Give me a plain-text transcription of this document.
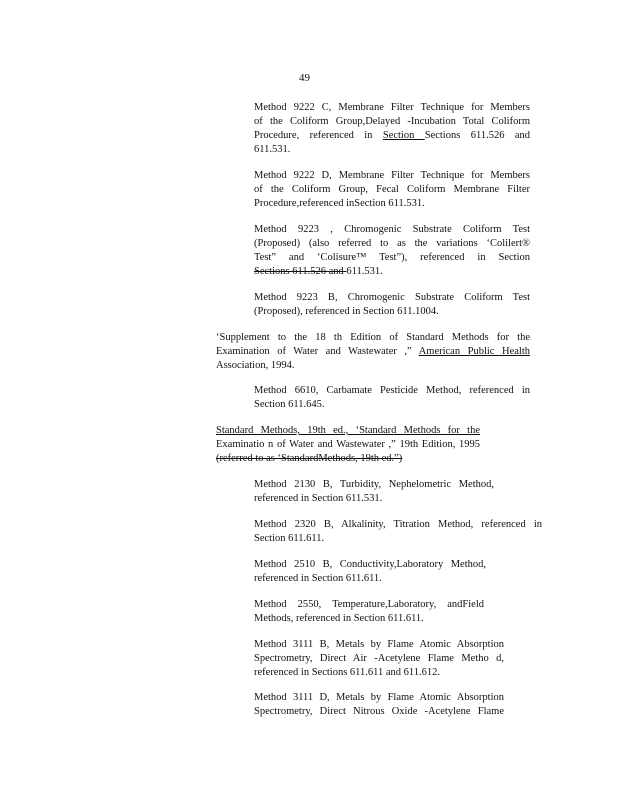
49
Method 9222 C, Membrane Filter Technique for Members
of the Coliform Group,Delayed -Incubation Total Coliform
Procedure, referenced in Section Sections 611.526 and
611.531.
Method 9222 D, Membrane Filter Technique for Members
of the Coliform Group, Fecal Coliform Membrane Filter
Procedure,referenced inSection 611.531.
Method 9223 , Chromogenic Substrate Coliform Test
(Proposed) (also referred to as the variations ‘Colilert®
Test” and ‘Colisure™ Test”), referenced in Section
Sections 611.526 and 611.531.
Method 9223 B, Chromogenic Substrate Coliform Test
(Proposed), referenced in Section 611.1004.
‘Supplement to the 18 th Edition of Standard Methods for the
Examination of Water and Wastewater ,” American Public Health
Association, 1994.
Method 6610, Carbamate Pesticide Method, referenced in
Section 611.645.
Standard Methods, 19th ed., ‘Standard Methods for the
Examinatio n of Water and Wastewater ,” 19th Edition, 1995
(referred to as ‘StandardMethods, 19th ed.”)
Method 2130 B, Turbidity, Nephelometric Method,
referenced in Section 611.531.
Method 2320 B, Alkalinity, Titration Method, referenced in
Section 611.611.
Method 2510 B, Conductivity,Laboratory Method,
referenced in Section 611.611.
Method 2550, Temperature,Laboratory, andField
Methods, referenced in Section 611.611.
Method 3111 B, Metals by Flame Atomic Absorption
Spectrometry, Direct Air -Acetylene Flame Metho d,
referenced in Sections 611.611 and 611.612.
Method 3111 D, Metals by Flame Atomic Absorption
Spectrometry, Direct Nitrous Oxide -Acetylene Flame
